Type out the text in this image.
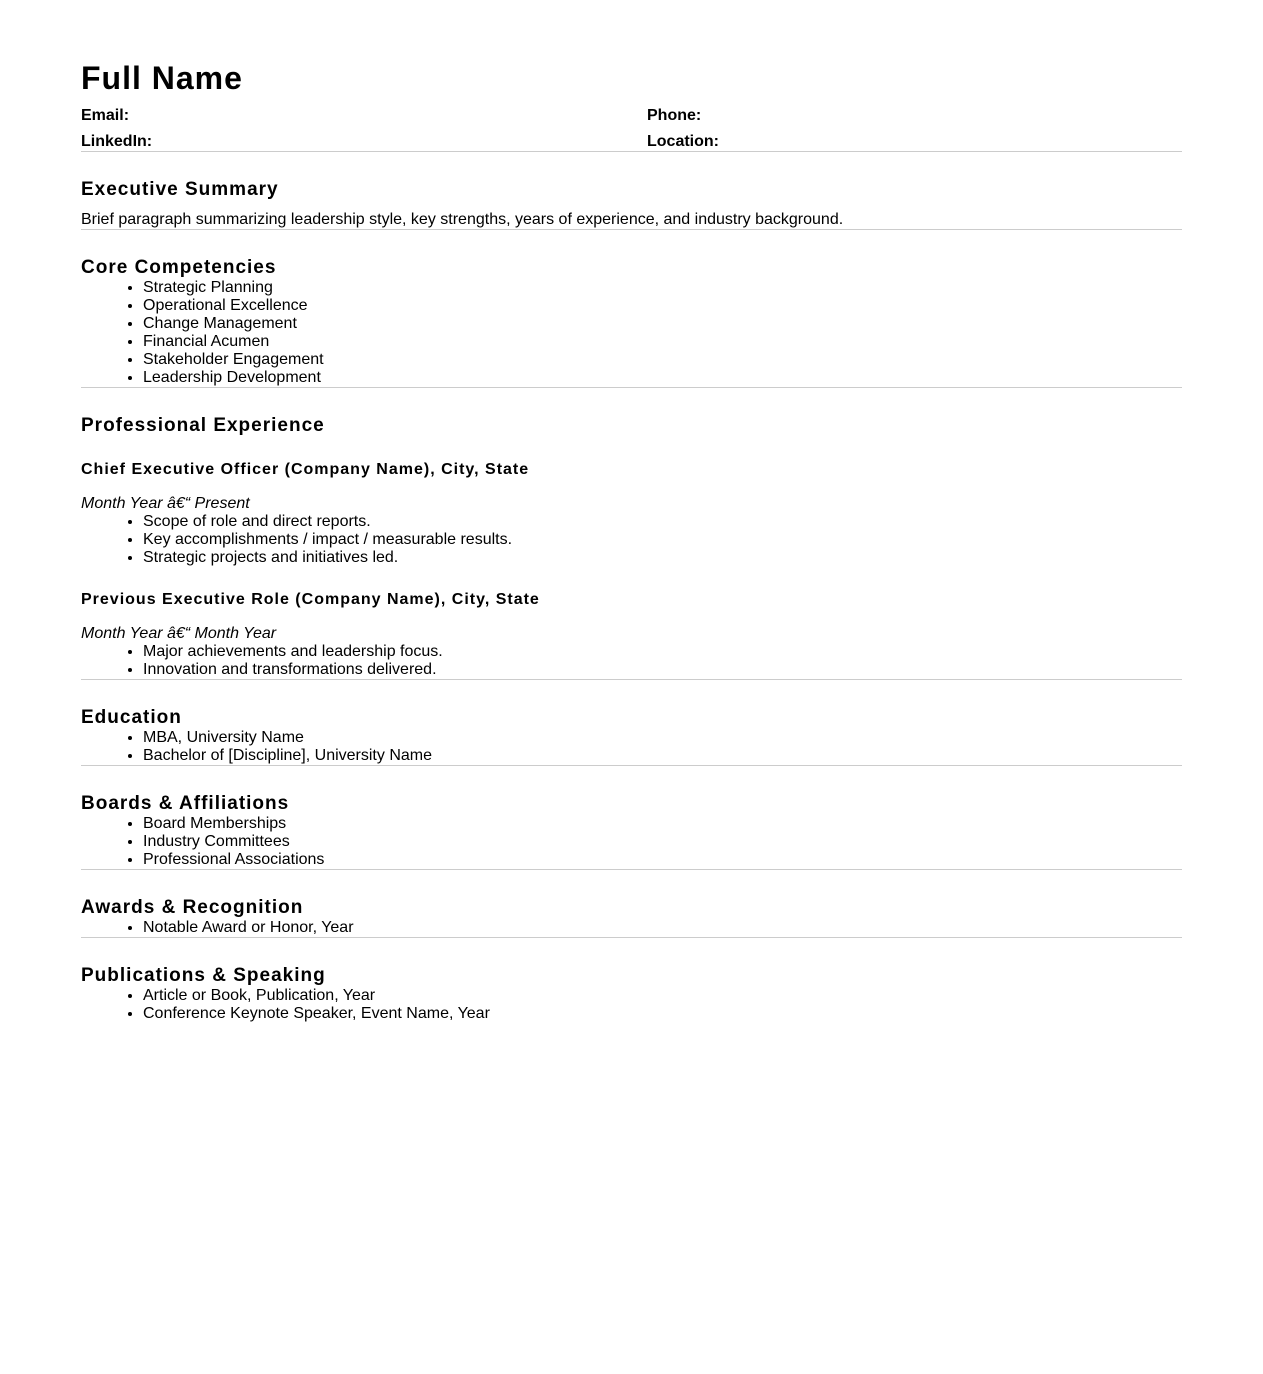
Full Name
Email:	Phone:
LinkedIn:	Location:
Executive Summary

Brief paragraph summarizing leadership style, key strengths, years of experience, and industry background.

Core Competencies
• Strategic Planning
• Operational Excellence
• Change Management
• Financial Acumen
• Stakeholder Engagement
• Leadership Development
Professional Experience
Chief Executive Officer (Company Name), City, State

Month Year â€“ Present

• Scope of role and direct reports.
• Key accomplishments / impact / measurable results.
• Strategic projects and initiatives led.
Previous Executive Role (Company Name), City, State

Month Year â€“ Month Year

• Major achievements and leadership focus.
• Innovation and transformations delivered.
Education
• MBA, University Name
• Bachelor of [Discipline], University Name
Boards & Affiliations
• Board Memberships
• Industry Committees
• Professional Associations
Awards & Recognition
• Notable Award or Honor, Year
Publications & Speaking
• Article or Book, Publication, Year
• Conference Keynote Speaker, Event Name, Year
